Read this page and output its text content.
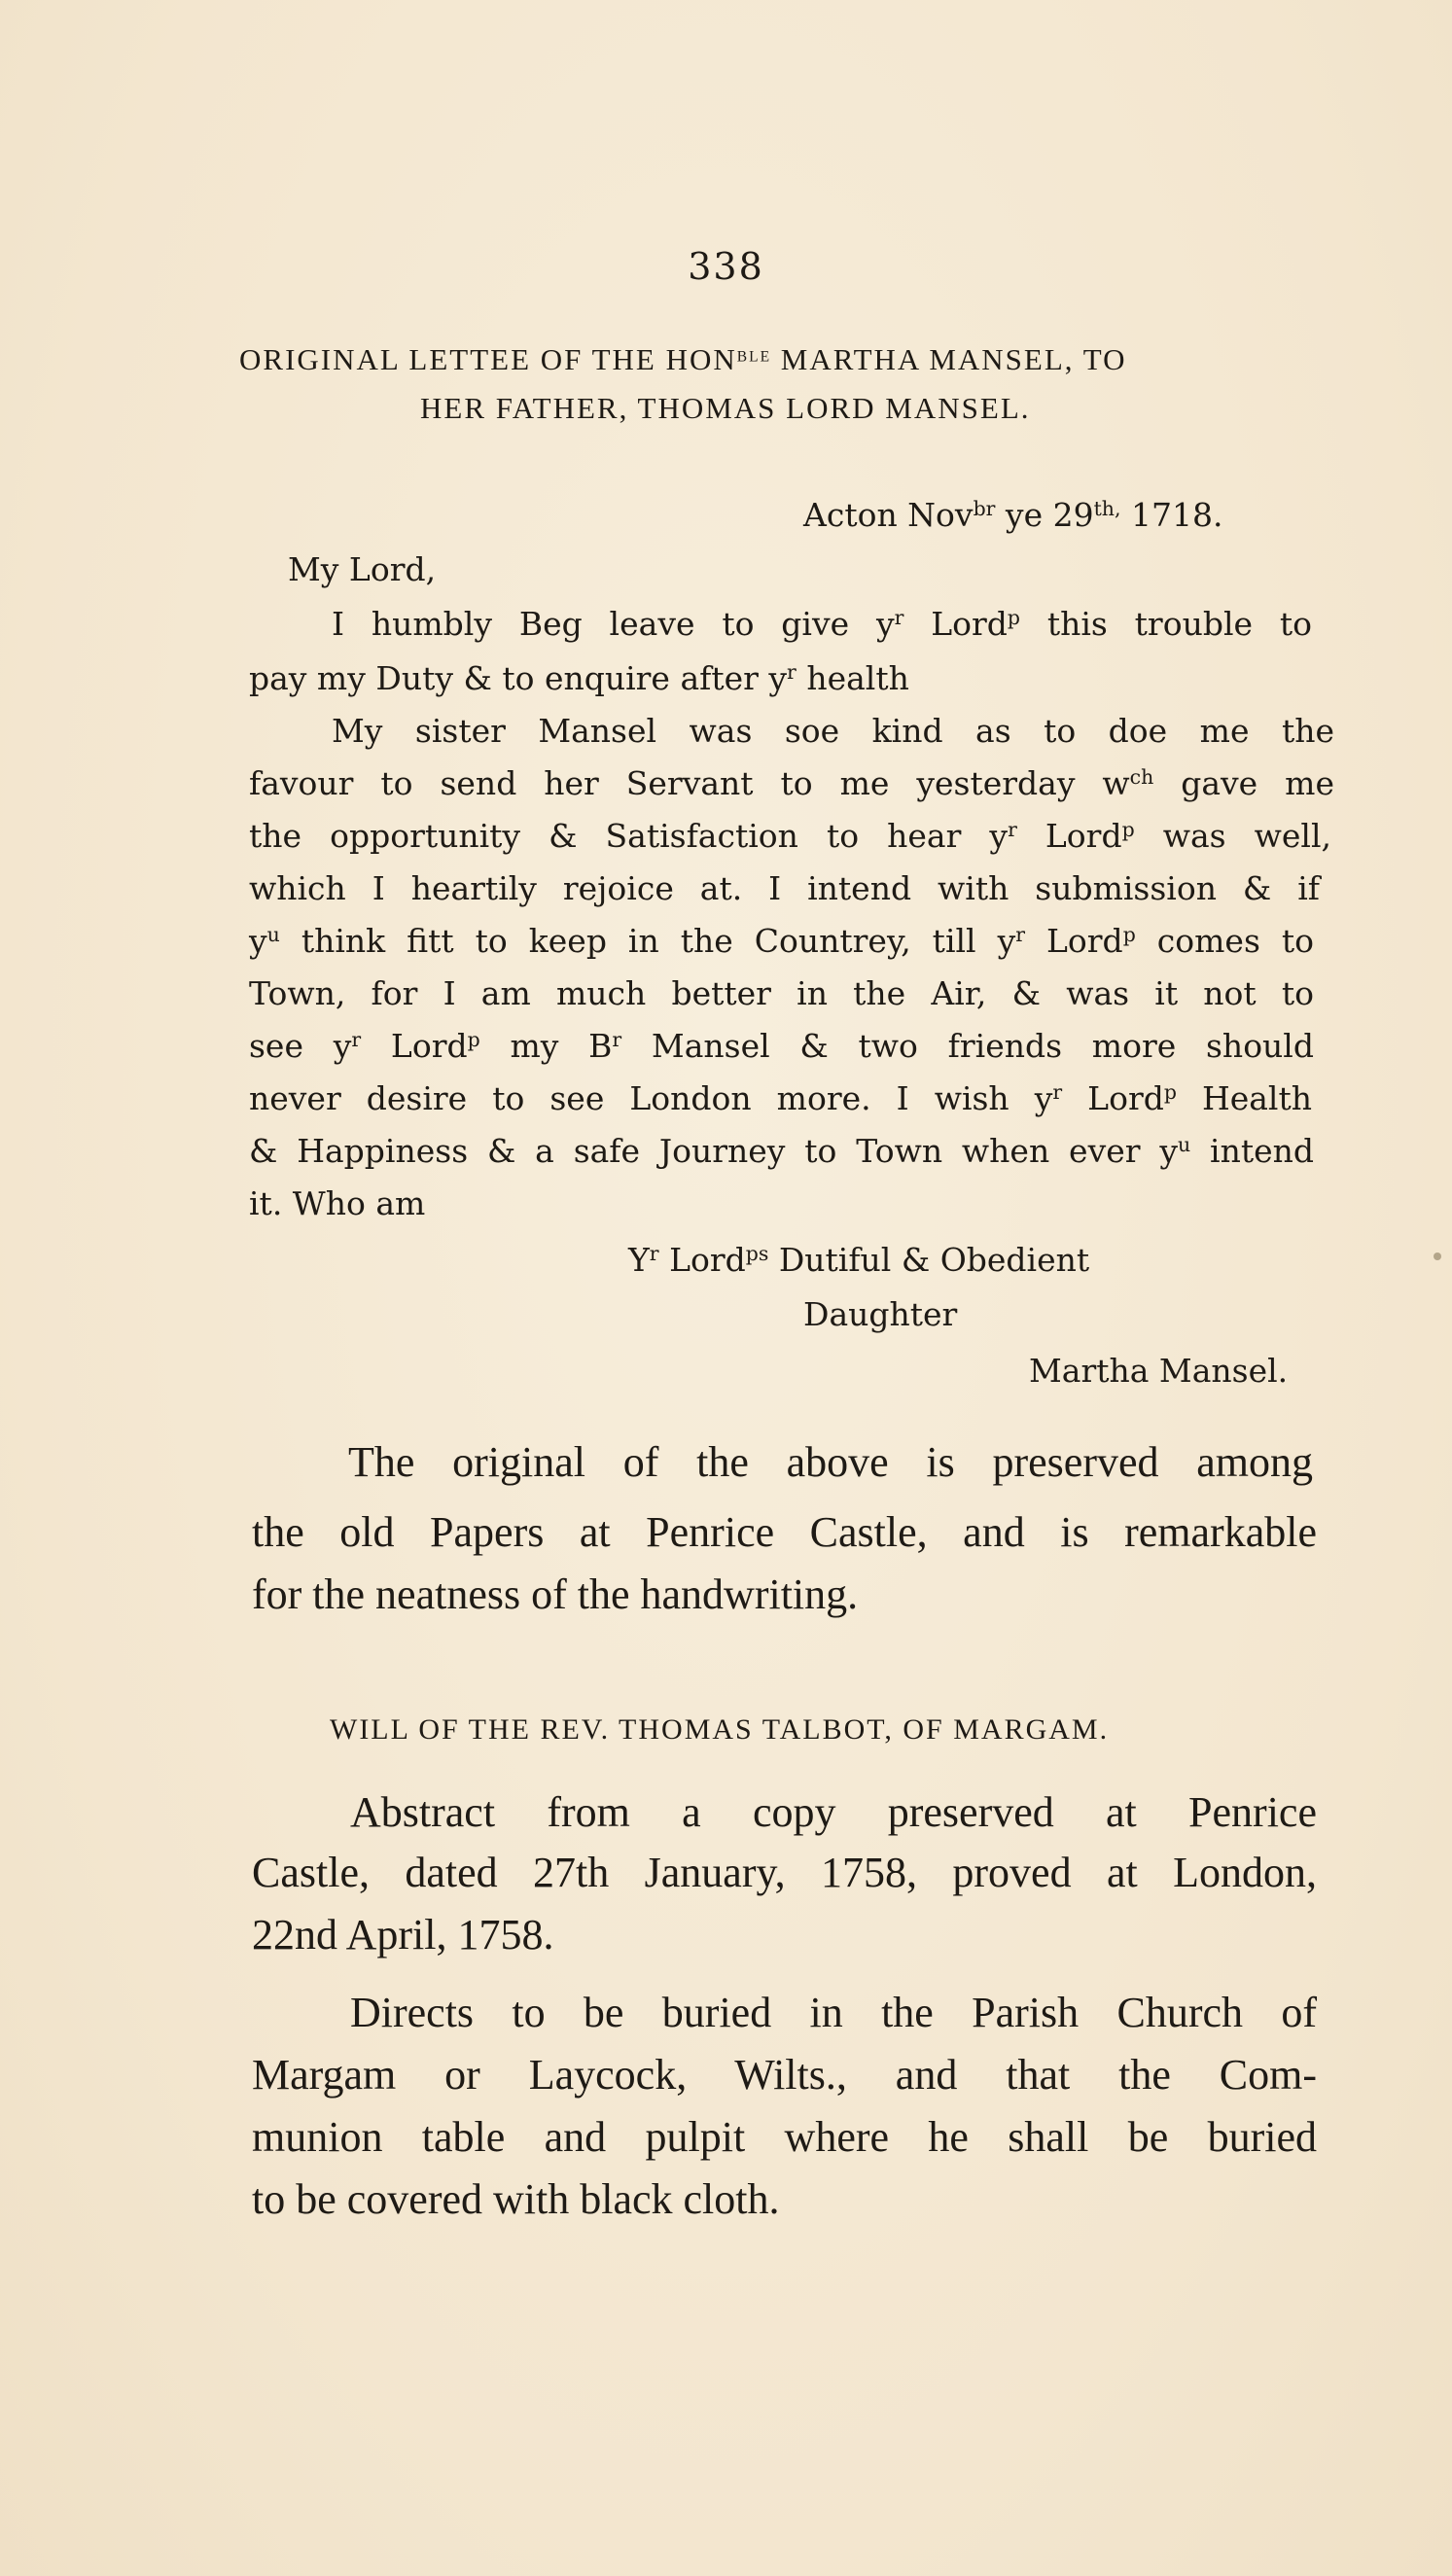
338
ORIGINAL LETTEE OF THE $HON^{BLE}$ MARTHA MANSEL, TO
HER FATHER, THOMAS LORD MANSEL.
Acton Nov$^{br}$ ye $29^{th,}$ 1718.
My Lord,
I humbly Beg leave to give $y^r$ Lord$^p$ this trouble to
pay my Duty & to enquire after $y^r$ health
My sister Mansel was soe kind as to doe me the
favour to send her Servant to me yesterday $w^{ch}$ gave me
the opportunity & Satisfaction to hear $y^r$ Lord$^p$ was well,
which I heartily rejoice at. I intend with submission & if
$y^u$ think fitt to keep in the Countrey, till $y^r$ Lord$^p$ comes to
Town, for I am much better in the Air, & was it not to
see $y^r$ Lord$^p$ my $B^r$ Mansel & two friends more should
never desire to see London more. I wish $y^r$ Lord$^p$ Health
& Happiness & a safe Journey to Town when ever $y^u$ intend
it. Who am
$Y^r$ Lord$^{ps}$ Dutiful & Obedient
Daughter
Martha Mansel.
The original of the above is preserved among
the old Papers at Penrice Castle, and is remarkable
for the neatness of the handwriting.
WILL OF THE REV. THOMAS TALBOT, OF MARGAM.
Abstract from a copy preserved at Penrice
Castle, dated 27th January, 1758, proved at London,
22nd April, 1758.
Directs to be buried in the Parish Church of
Margam or Laycock, Wilts., and that the Com-
munion table and pulpit where he shall be buried
to be covered with black cloth.
